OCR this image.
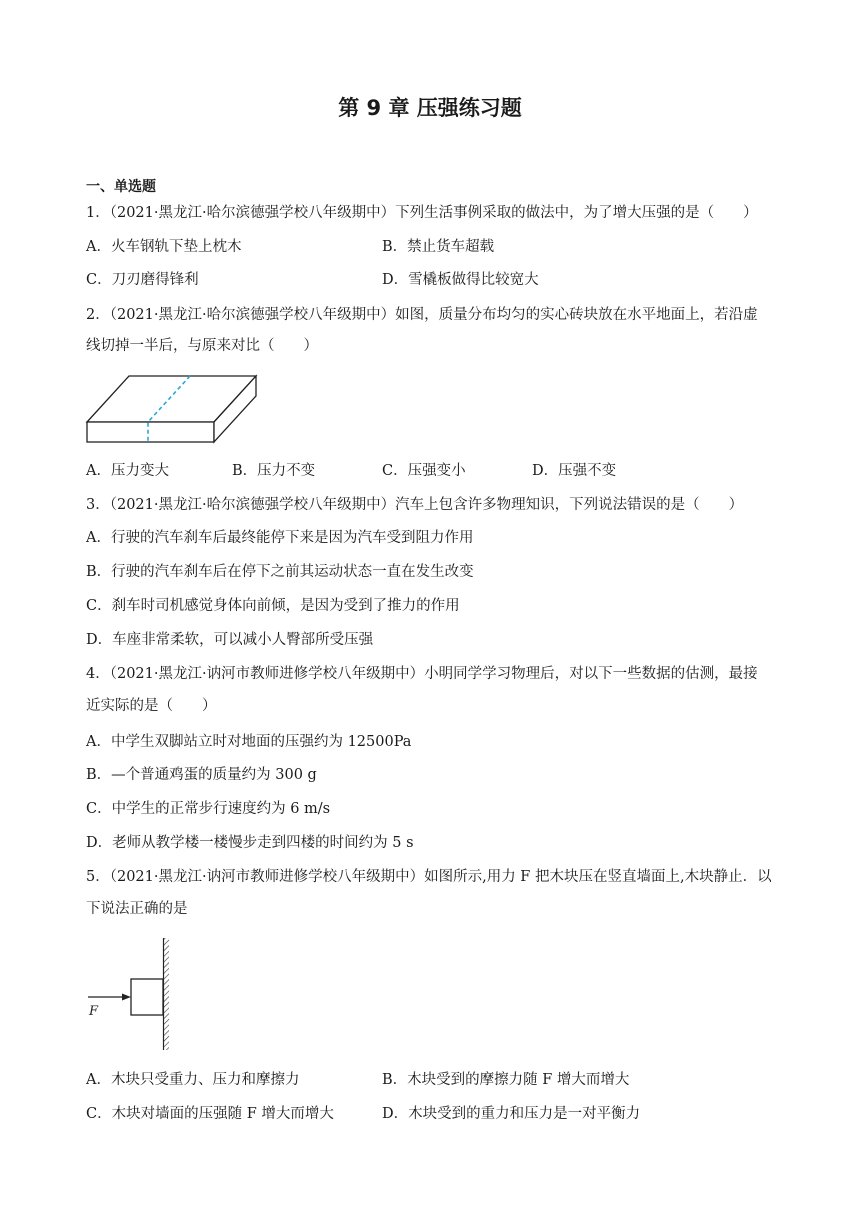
第 9 章 压强练习题
一、单选题
1．（2021·黑龙江·哈尔滨德强学校八年级期中）下列生活事例采取的做法中，为了增大压强的是（　　）
A．火车钢轨下垫上枕木	B．禁止货车超载
C．刀刃磨得锋利	D．雪橇板做得比较宽大
2．（2021·黑龙江·哈尔滨德强学校八年级期中）如图，质量分布均匀的实心砖块放在水平地面上，若沿虚
线切掉一半后，与原来对比（　　）
A．压力变大	B．压力不变	C．压强变小	D．压强不变
3．（2021·黑龙江·哈尔滨德强学校八年级期中）汽车上包含许多物理知识，下列说法错误的是（　　）
A．行驶的汽车刹车后最终能停下来是因为汽车受到阻力作用
B．行驶的汽车刹车后在停下之前其运动状态一直在发生改变
C．刹车时司机感觉身体向前倾，是因为受到了推力的作用
D．车座非常柔软，可以减小人臀部所受压强
4．（2021·黑龙江·讷河市教师进修学校八年级期中）小明同学学习物理后，对以下一些数据的估测，最接
近实际的是（　　）
A．中学生双脚站立时对地面的压强约为 12500Pa
B．—个普通鸡蛋的质量约为 300 g
C．中学生的正常步行速度约为 6 m/s
D．老师从教学楼一楼慢步走到四楼的时间约为 5 s
5．（2021·黑龙江·讷河市教师进修学校八年级期中）如图所示,用力 F 把木块压在竖直墙面上,木块静止．以
下说法正确的是
F
A．木块只受重力、压力和摩擦力	B．木块受到的摩擦力随 F 增大而增大
C．木块对墙面的压强随 F 增大而增大	D．木块受到的重力和压力是一对平衡力
